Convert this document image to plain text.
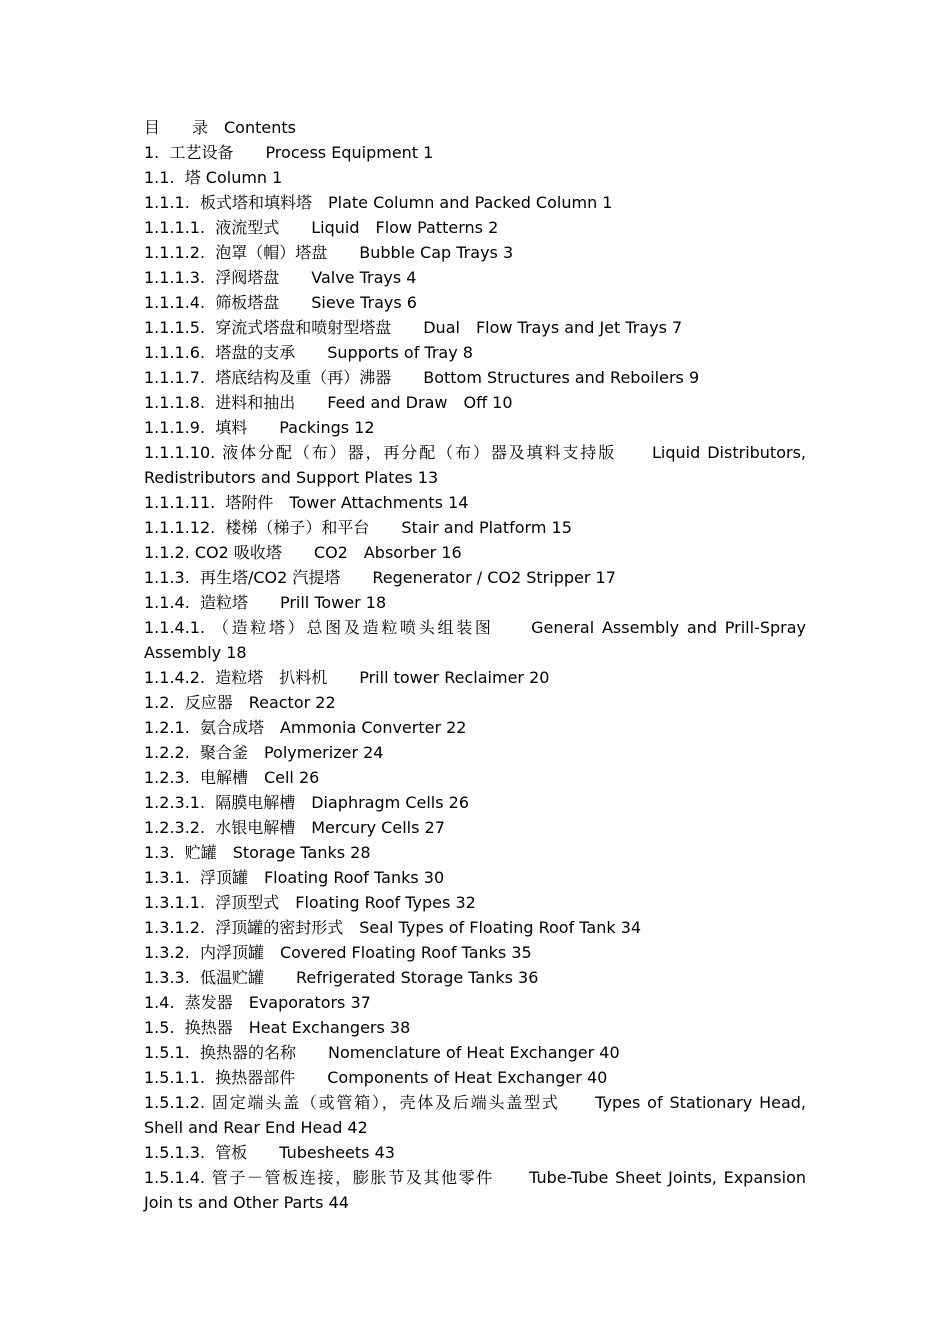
目　　录　Contents

1.  工艺设备　　Process Equipment 1

1.1.  塔 Column 1

1.1.1.  板式塔和填料塔　Plate Column and Packed Column 1

1.1.1.1.  液流型式　　Liquid　Flow Patterns 2

1.1.1.2.  泡罩（帽）塔盘　　Bubble Cap Trays 3

1.1.1.3.  浮阀塔盘　　Valve Trays 4

1.1.1.4.  筛板塔盘　　Sieve Trays 6

1.1.1.5.  穿流式塔盘和喷射型塔盘　　Dual　Flow Trays and Jet Trays 7

1.1.1.6.  塔盘的支承　　Supports of Tray 8

1.1.1.7.  塔底结构及重（再）沸器　　Bottom Structures and Reboilers 9

1.1.1.8.  进料和抽出　　Feed and Draw　Off 10

1.1.1.9.  填料　　Packings 12

1.1.1.10. 液体分配（布）器，再分配（布）器及填料支持版　　Liquid Distributors,

Redistributors and Support Plates 13

1.1.1.11.  塔附件　Tower Attachments 14

1.1.1.12.  楼梯（梯子）和平台　　Stair and Platform 15

1.1.2. CO2 吸收塔　　CO2　Absorber 16

1.1.3.  再生塔/CO2 汽提塔　　Regenerator / CO2 Stripper 17

1.1.4.  造粒塔　　Prill Tower 18

1.1.4.1. （造粒塔）总图及造粒喷头组装图　　General Assembly and Prill-Spray

Assembly 18

1.1.4.2.  造粒塔　扒料机　　Prill tower Reclaimer 20

1.2.  反应器　Reactor 22

1.2.1.  氨合成塔　Ammonia Converter 22

1.2.2.  聚合釜　Polymerizer 24

1.2.3.  电解槽　Cell 26

1.2.3.1.  隔膜电解槽　Diaphragm Cells 26

1.2.3.2.  水银电解槽　Mercury Cells 27

1.3.  贮罐　Storage Tanks 28

1.3.1.  浮顶罐　Floating Roof Tanks 30

1.3.1.1.  浮顶型式　Floating Roof Types 32

1.3.1.2.  浮顶罐的密封形式　Seal Types of Floating Roof Tank 34

1.3.2.  内浮顶罐　Covered Floating Roof Tanks 35

1.3.3.  低温贮罐　　Refrigerated Storage Tanks 36

1.4.  蒸发器　Evaporators 37

1.5.  换热器　Heat Exchangers 38

1.5.1.  换热器的名称　　Nomenclature of Heat Exchanger 40

1.5.1.1.  换热器部件　　Components of Heat Exchanger 40

1.5.1.2. 固定端头盖（或管箱），壳体及后端头盖型式　　Types of Stationary Head,

Shell and Rear End Head 42

1.5.1.3.  管板　　Tubesheets 43

1.5.1.4. 管子－管板连接，膨胀节及其他零件　　Tube-Tube Sheet Joints, Expansion

Join ts and Other Parts 44
